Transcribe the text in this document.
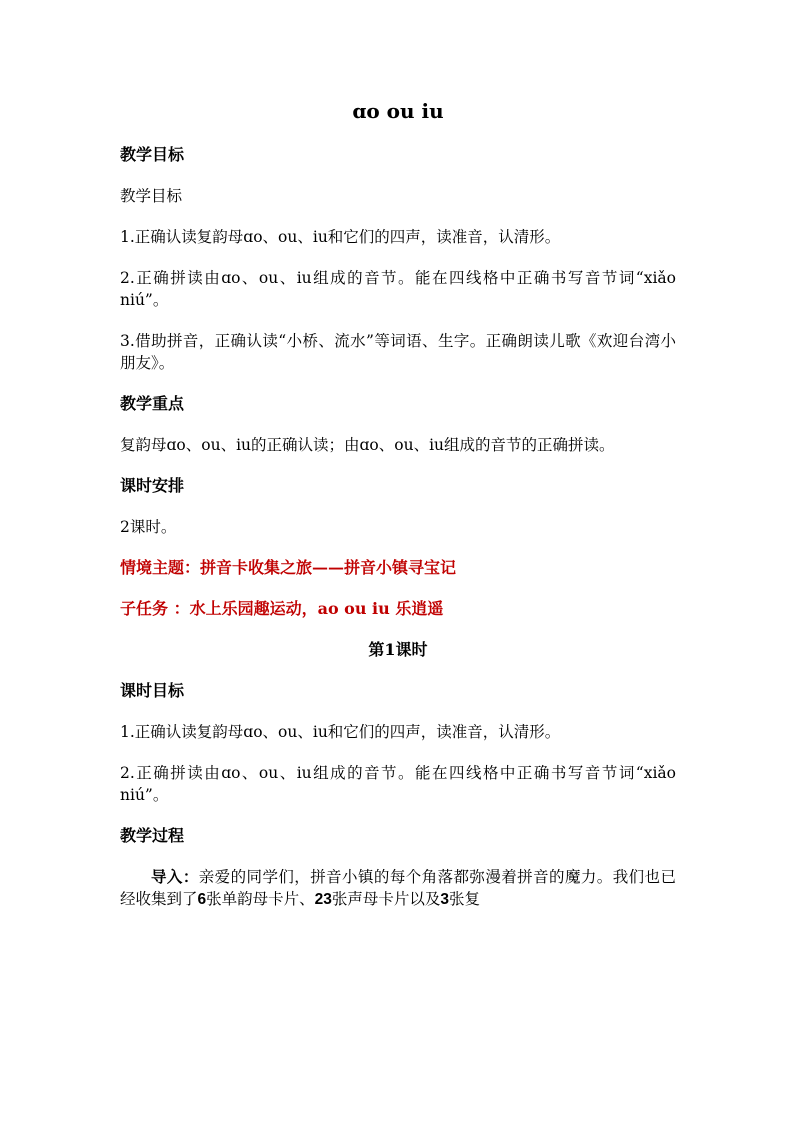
ɑo ou iu
教学目标
教学目标
1.正确认读复韵母ɑo、ou、iu和它们的四声，读准音，认清形。
2.正确拼读由ɑo、ou、iu组成的音节。能在四线格中正确书写音节词“xiǎo　 niú”。
3.借助拼音，正确认读“小桥、流水”等词语、生字。正确朗读儿歌《欢迎台湾小朋友》。
教学重点
复韵母ɑo、ou、iu的正确认读；由ɑo、ou、iu组成的音节的正确拼读。
课时安排
2课时。
情境主题：拼音卡收集之旅——拼音小镇寻宝记
子任务 ：水上乐园趣运动，ao ou iu 乐逍遥
第1课时
课时目标
1.正确认读复韵母ɑo、ou、iu和它们的四声，读准音，认清形。
2.正确拼读由ɑo、ou、iu组成的音节。能在四线格中正确书写音节词“xiǎo　niú”。
教学过程
导入：亲爱的同学们，拼音小镇的每个角落都弥漫着拼音的魔力。我们也已经收集到了6张单韵母卡片、23张声母卡片以及3张复
